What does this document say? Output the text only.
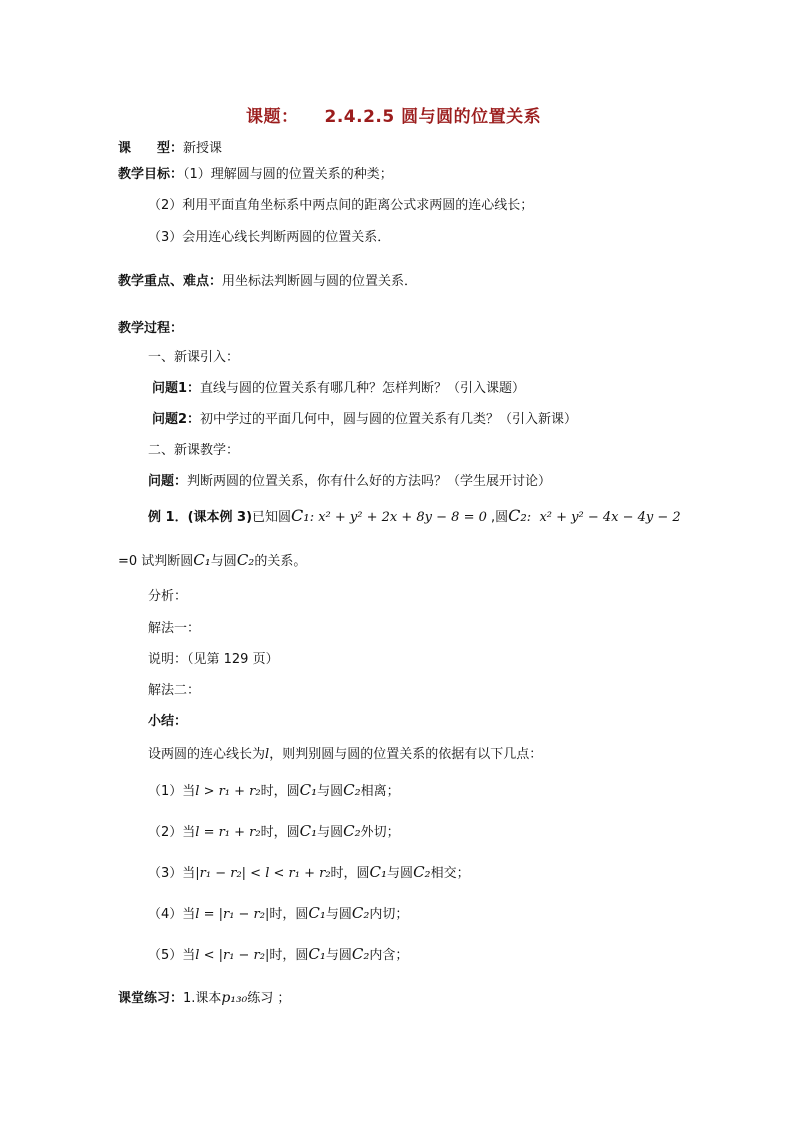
课题： 2.4.2.5 圆与圆的位置关系
课　　型：新授课
教学目标：（1）理解圆与圆的位置关系的种类；
（2）利用平面直角坐标系中两点间的距离公式求两圆的连心线长；
（3）会用连心线长判断两圆的位置关系．
教学重点、难点：用坐标法判断圆与圆的位置关系．
教学过程：
一、新课引入：
问题1：直线与圆的位置关系有哪几种？怎样判断？（引入课题）
问题2：初中学过的平面几何中，圆与圆的位置关系有几类？（引入新课）
二、新课教学：
问题：判断两圆的位置关系，你有什么好的方法吗？（学生展开讨论）
例 1．(课本例 3)已知圆C₁: x² + y² + 2x + 8y − 8 = 0 ,圆C₂:  x² + y² − 4x − 4y − 2
=0 试判断圆C₁与圆C₂的关系。
分析：
解法一：
说明：（见第 129 页）
解法二：
小结：
设两圆的连心线长为l，则判别圆与圆的位置关系的依据有以下几点：
（1）当l > r₁ + r₂时，圆C₁与圆C₂相离；
（2）当l = r₁ + r₂时，圆C₁与圆C₂外切；
（3）当|r₁ − r₂| < l < r₁ + r₂时，圆C₁与圆C₂相交；
（4）当l = |r₁ − r₂|时，圆C₁与圆C₂内切；
（5）当l < |r₁ − r₂|时，圆C₁与圆C₂内含；
课堂练习：1.课本p₁₃₀练习 ；
